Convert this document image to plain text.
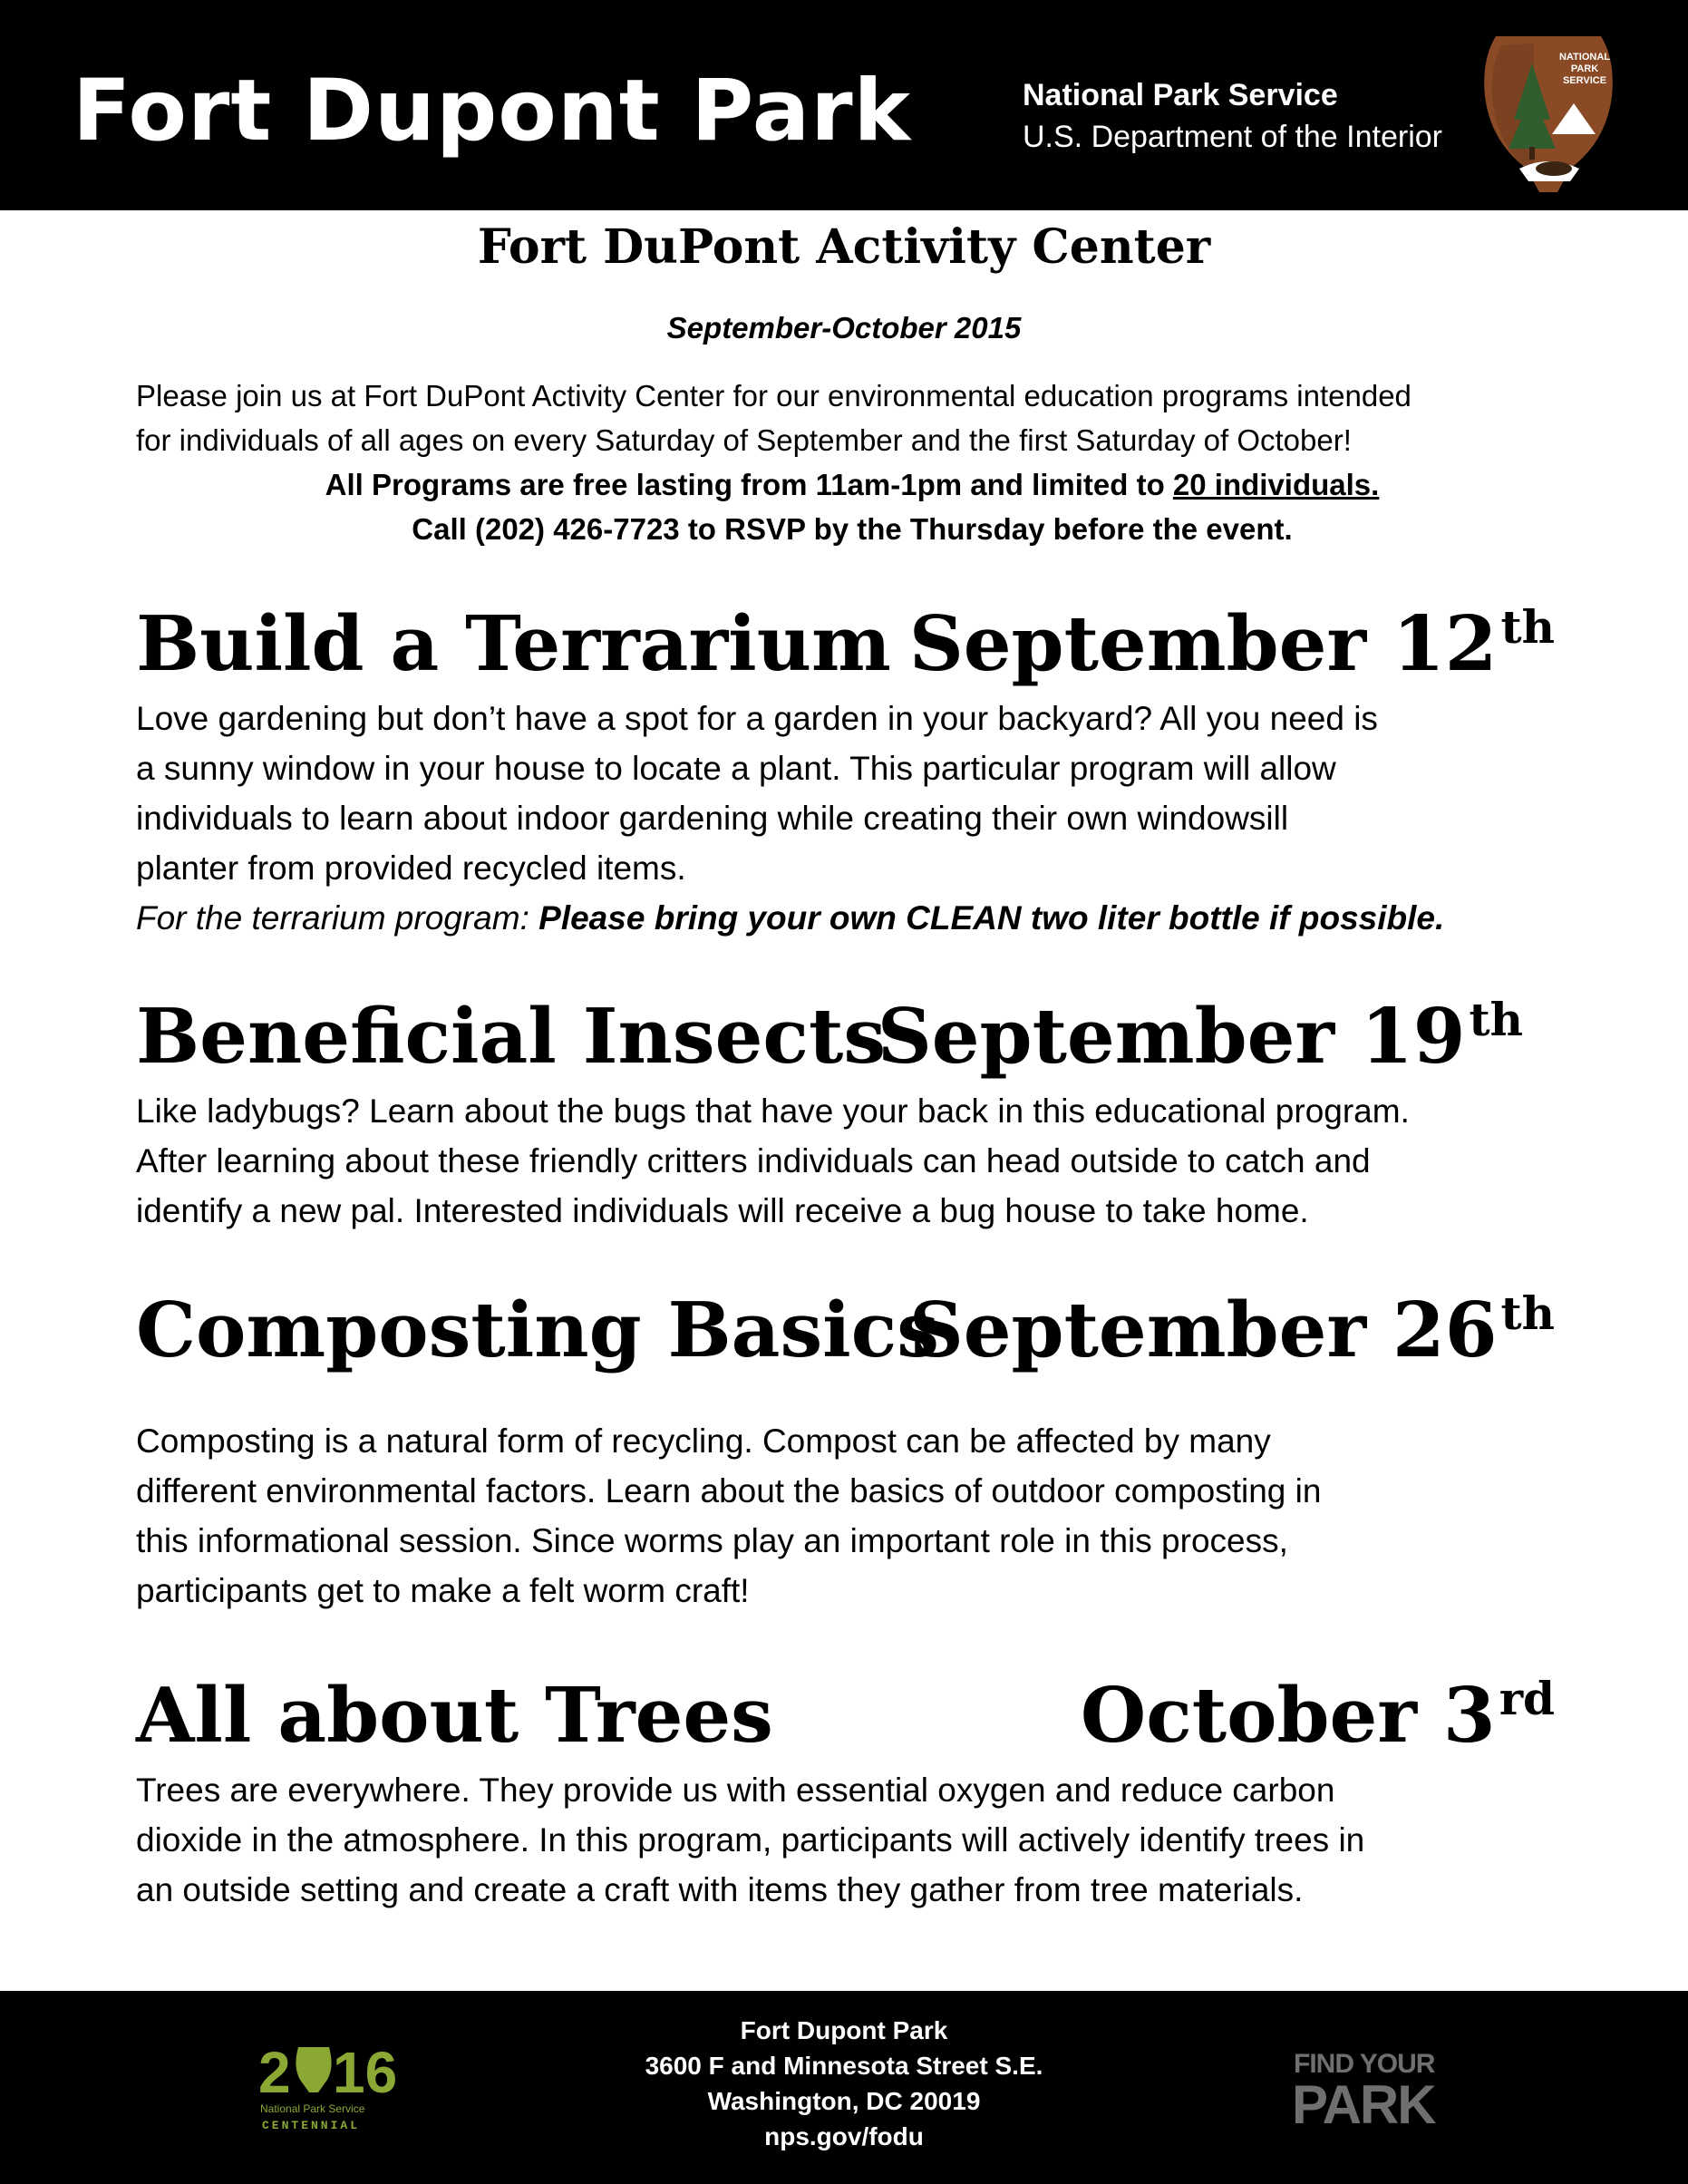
Fort Dupont Park	National Park Service
U.S. Department of the Interior
NATIONAL
PARK
SERVICE
Fort DuPont Activity Center
September-October 2015
Please join us at Fort DuPont Activity Center for our environmental education programs intended
for individuals of all ages on every Saturday of September and the first Saturday of October!
All Programs are free lasting from 11am-1pm and limited to 20 individuals.
Call (202) 426-7723 to RSVP by the Thursday before the event.
Build a Terrarium September 12th
Love gardening but don’t have a spot for a garden in your backyard? All you need is
a sunny window in your house to locate a plant. This particular program will allow
individuals to learn about indoor gardening while creating their own windowsill
planter from provided recycled items.
For the terrarium program: Please bring your own CLEAN two liter bottle if possible.
Beneficial Insects
September 19th
Like ladybugs? Learn about the bugs that have your back in this educational program.
After learning about these friendly critters individuals can head outside to catch and
identify a new pal. Interested individuals will receive a bug house to take home.
Composting Basics
September 26th
Composting is a natural form of recycling. Compost can be affected by many
different environmental factors. Learn about the basics of outdoor composting in
this informational session. Since worms play an important role in this process,
participants get to make a felt worm craft!
All about Trees	October 3rd
Trees are everywhere. They provide us with essential oxygen and reduce carbon
dioxide in the atmosphere. In this program, participants will actively identify trees in
an outside setting and create a craft with items they gather from tree materials.
2 16
National Park Service
CENTENNIAL
Fort Dupont Park
3600 F and Minnesota Street S.E.
Washington, DC 20019
nps.gov/fodu
FIND YOUR
PARK
